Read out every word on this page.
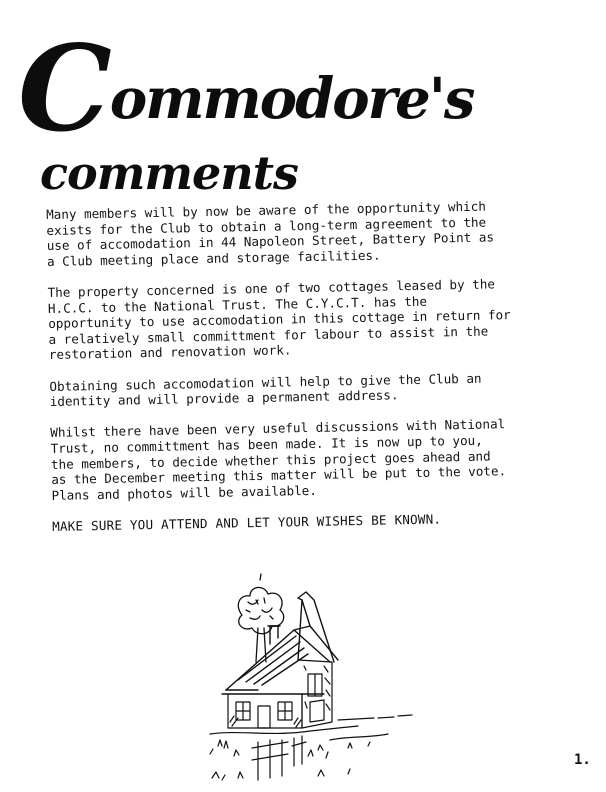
Commodore's
comments

Many members will by now be aware of the opportunity which
exists for the Club to obtain a long-term agreement to the
use of accomodation in 44 Napoleon Street, Battery Point as
a Club meeting place and storage facilities.

The property concerned is one of two cottages leased by the
H.C.C. to the National Trust. The C.Y.C.T. has the
opportunity to use accomodation in this cottage in return for
a relatively small committment for labour to assist in the
restoration and renovation work.

Obtaining such accomodation will help to give the Club an
identity and will provide a permanent address.

Whilst there have been very useful discussions with National
Trust, no committment has been made. It is now up to you,
the members, to decide whether this project goes ahead and
as the December meeting this matter will be put to the vote.
Plans and photos will be available.

MAKE SURE YOU ATTEND AND LET YOUR WISHES BE KNOWN.

1.
